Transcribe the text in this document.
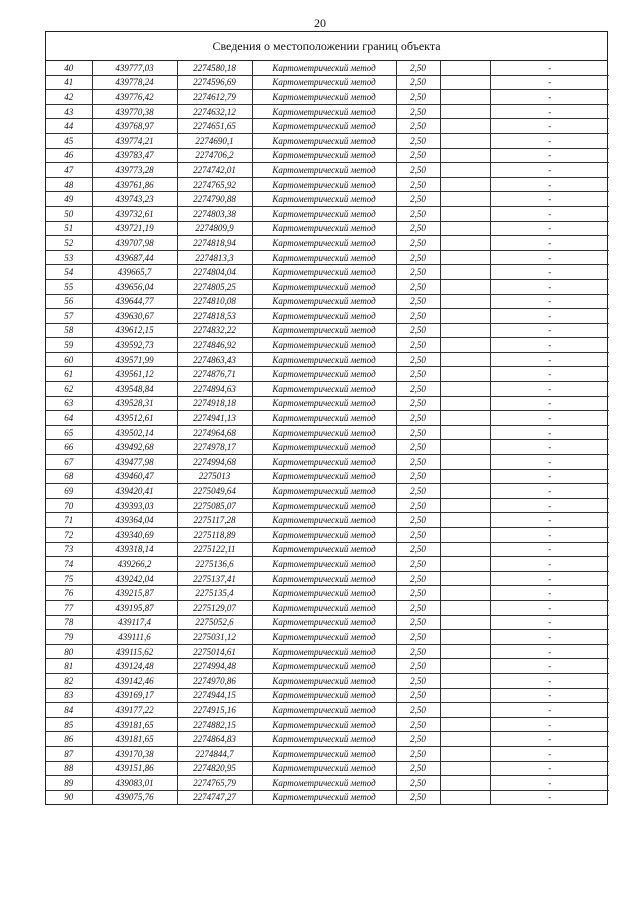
20
Сведения о местоположении границ объекта
40	439777,03	2274580,18	Картометрический метод	2,50		-
41	439778,24	2274596,69	Картометрический метод	2,50		-
42	439776,42	2274612,79	Картометрический метод	2,50		-
43	439770,38	2274632,12	Картометрический метод	2,50		-
44	439768,97	2274651,65	Картометрический метод	2,50		-
45	439774,21	2274690,1	Картометрический метод	2,50		-
46	439783,47	2274706,2	Картометрический метод	2,50		-
47	439773,28	2274742,01	Картометрический метод	2,50		-
48	439761,86	2274765,92	Картометрический метод	2,50		-
49	439743,23	2274790,88	Картометрический метод	2,50		-
50	439732,61	2274803,38	Картометрический метод	2,50		-
51	439721,19	2274809,9	Картометрический метод	2,50		-
52	439707,98	2274818,94	Картометрический метод	2,50		-
53	439687,44	2274813,3	Картометрический метод	2,50		-
54	439665,7	2274804,04	Картометрический метод	2,50		-
55	439656,04	2274805,25	Картометрический метод	2,50		-
56	439644,77	2274810,08	Картометрический метод	2,50		-
57	439630,67	2274818,53	Картометрический метод	2,50		-
58	439612,15	2274832,22	Картометрический метод	2,50		-
59	439592,73	2274846,92	Картометрический метод	2,50		-
60	439571,99	2274863,43	Картометрический метод	2,50		-
61	439561,12	2274876,71	Картометрический метод	2,50		-
62	439548,84	2274894,63	Картометрический метод	2,50		-
63	439528,31	2274918,18	Картометрический метод	2,50		-
64	439512,61	2274941,13	Картометрический метод	2,50		-
65	439502,14	2274964,68	Картометрический метод	2,50		-
66	439492,68	2274978,17	Картометрический метод	2,50		-
67	439477,98	2274994,68	Картометрический метод	2,50		-
68	439460,47	2275013	Картометрический метод	2,50		-
69	439420,41	2275049,64	Картометрический метод	2,50		-
70	439393,03	2275085,07	Картометрический метод	2,50		-
71	439364,04	2275117,28	Картометрический метод	2,50		-
72	439340,69	2275118,89	Картометрический метод	2,50		-
73	439318,14	2275122,11	Картометрический метод	2,50		-
74	439266,2	2275136,6	Картометрический метод	2,50		-
75	439242,04	2275137,41	Картометрический метод	2,50		-
76	439215,87	2275135,4	Картометрический метод	2,50		-
77	439195,87	2275129,07	Картометрический метод	2,50		-
78	439117,4	2275052,6	Картометрический метод	2,50		-
79	439111,6	2275031,12	Картометрический метод	2,50		-
80	439115,62	2275014,61	Картометрический метод	2,50		-
81	439124,48	2274994,48	Картометрический метод	2,50		-
82	439142,46	2274970,86	Картометрический метод	2,50		-
83	439169,17	2274944,15	Картометрический метод	2,50		-
84	439177,22	2274915,16	Картометрический метод	2,50		-
85	439181,65	2274882,15	Картометрический метод	2,50		-
86	439181,65	2274864,83	Картометрический метод	2,50		-
87	439170,38	2274844,7	Картометрический метод	2,50		-
88	439151,86	2274820,95	Картометрический метод	2,50		-
89	439083,01	2274765,79	Картометрический метод	2,50		-
90	439075,76	2274747,27	Картометрический метод	2,50		-
